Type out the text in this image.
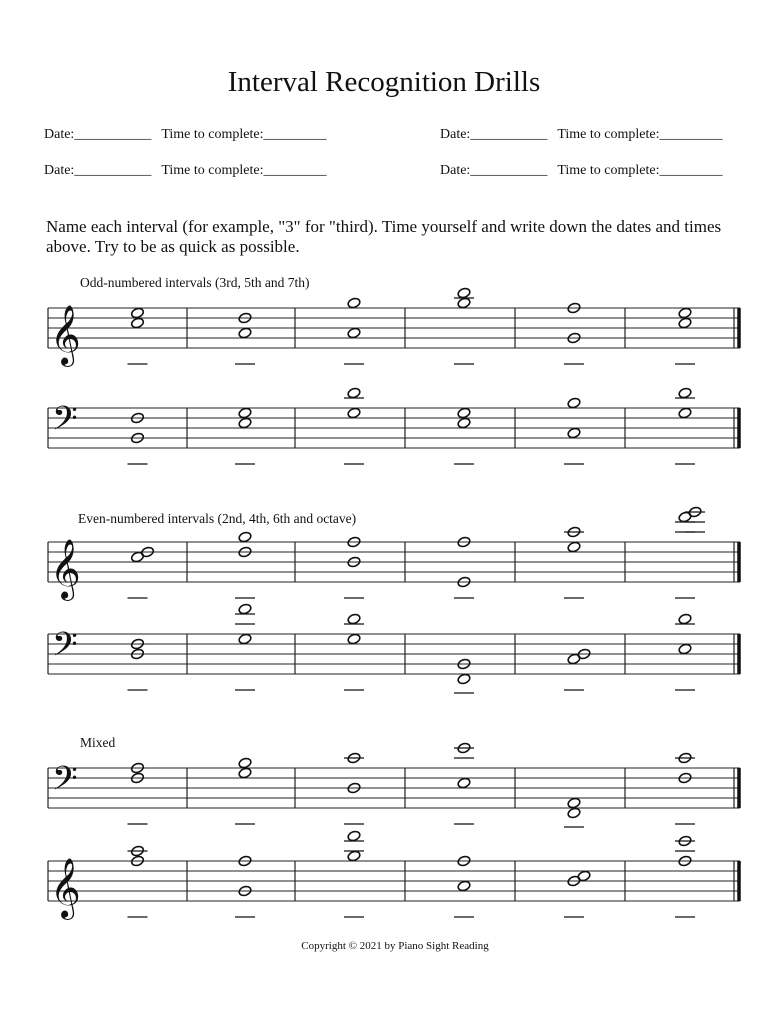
Interval Recognition Drills
Date:___________ Time to complete:_________	Date:___________ Time to complete:_________
Date:___________ Time to complete:_________	Date:___________ Time to complete:_________

Name each interval (for example, "3" for "third). Time yourself and write down the dates and times above. Try to be as quick as possible.

Odd-numbered intervals (3rd, 5th and 7th)
𝄞
𝄢
Even-numbered intervals (2nd, 4th, 6th and octave)
𝄞
𝄢
Mixed
𝄢
𝄞
Copyright © 2021 by Piano Sight Reading
